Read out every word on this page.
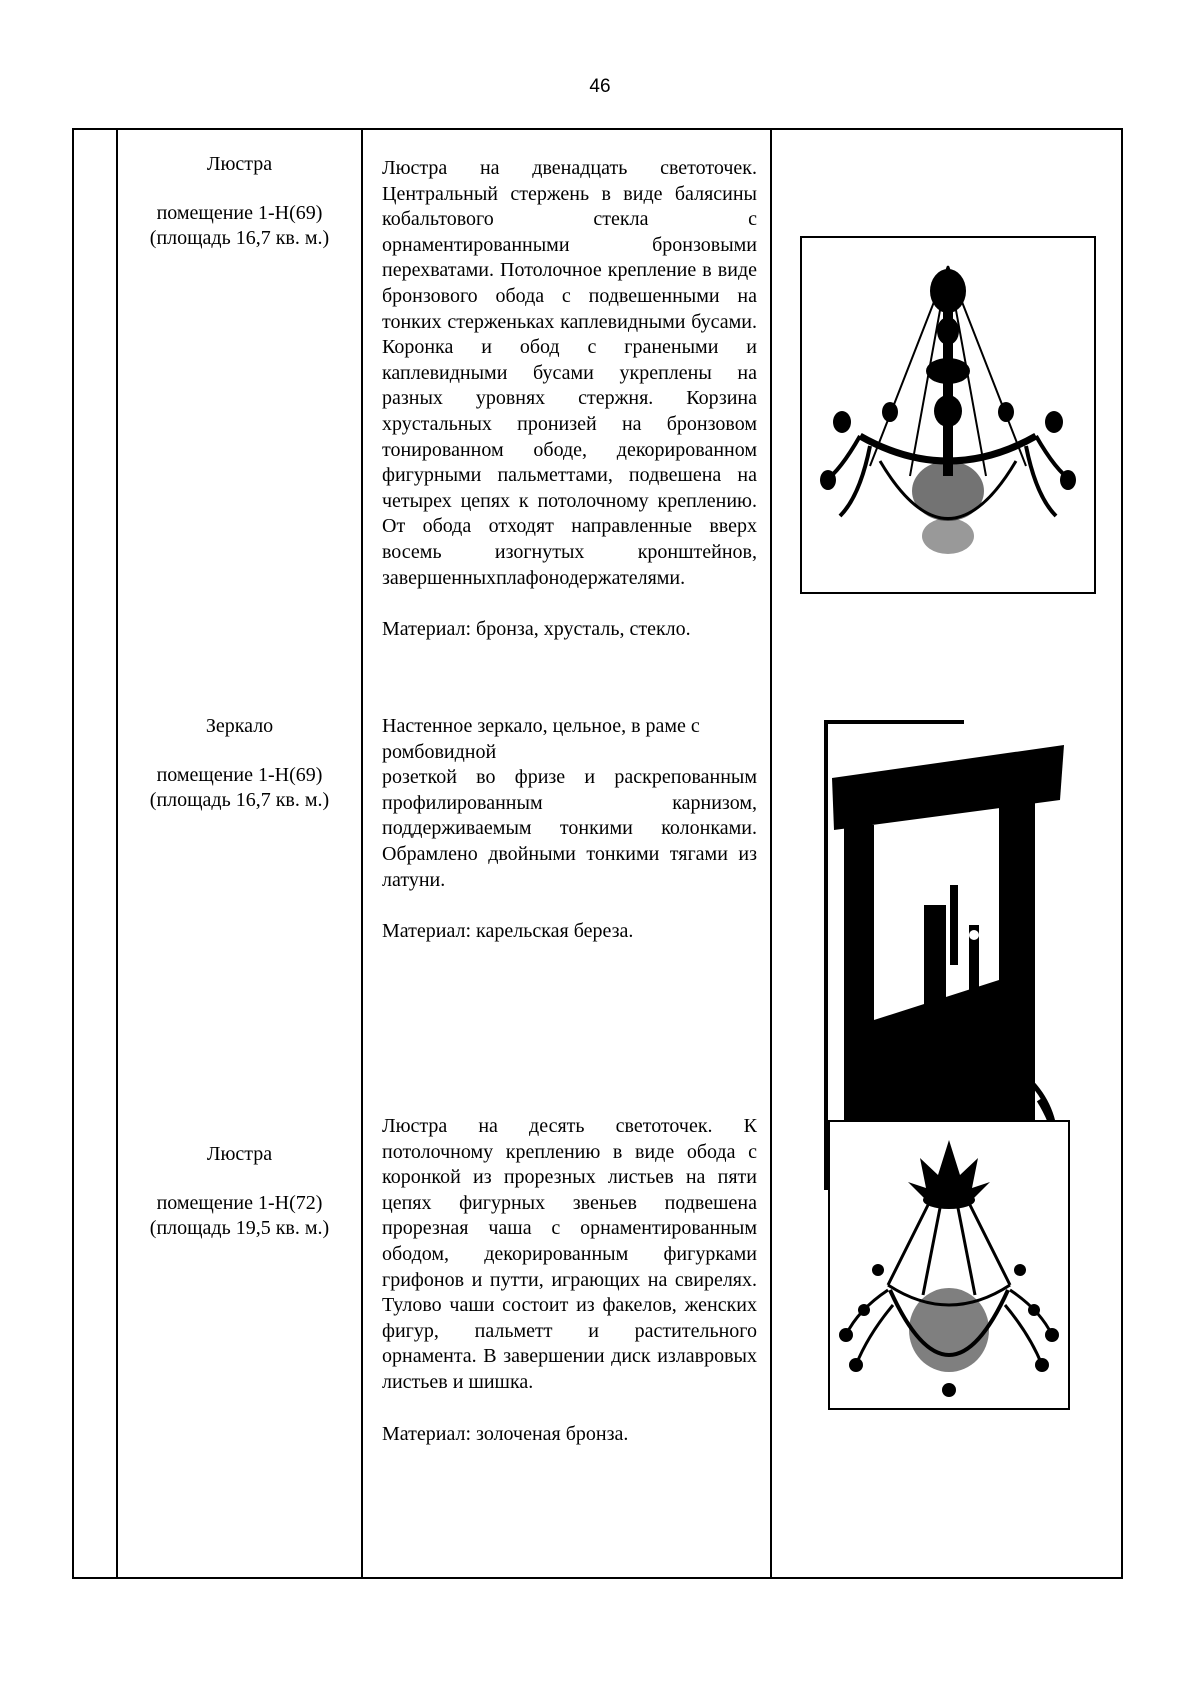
46
Люстра
помещение 1-Н(69)
(площадь 16,7 кв. м.)
Люстра на двенадцать светоточек. Центральный стержень в виде балясины кобальтового стекла с орнаментированными бронзовыми перехватами. Потолочное крепление в виде бронзового обода с подвешенными на тонких стерженьках каплевидными бусами. Коронка и обод с гранеными и каплевидными бусами укреплены на разных уровнях стержня. Корзина хрустальных пронизей на бронзовом тонированном ободе, декорированном фигурными пальметтами, подвешена на четырех цепях к потолочному креплению. От обода отходят направленные вверх восемь изогнутых кронштейнов, завершенныхплафонодержателями.
Материал: бронза, хрусталь, стекло.
Зеркало
помещение 1-Н(69)
(площадь 16,7 кв. м.)
Настенное зеркало, цельное, в раме с ромбовидной
розеткой во фризе и раскрепованным профилированным карнизом, поддерживаемым тонкими колонками. Обрамлено двойными тонкими тягами из латуни.
Материал: карельская береза.
Люстра
помещение 1-Н(72)
(площадь 19,5 кв. м.)
Люстра на десять светоточек. К потолочному креплению в виде обода с коронкой из прорезных листьев на пяти цепях фигурных звеньев подвешена прорезная чаша с орнаментированным ободом, декорированным фигурками грифонов и путти, играющих на свирелях. Тулово чаши состоит из факелов, женских фигур, пальметт и растительного орнамента. В завершении диск излавровых листьев и шишка.
Материал: золоченая бронза.
